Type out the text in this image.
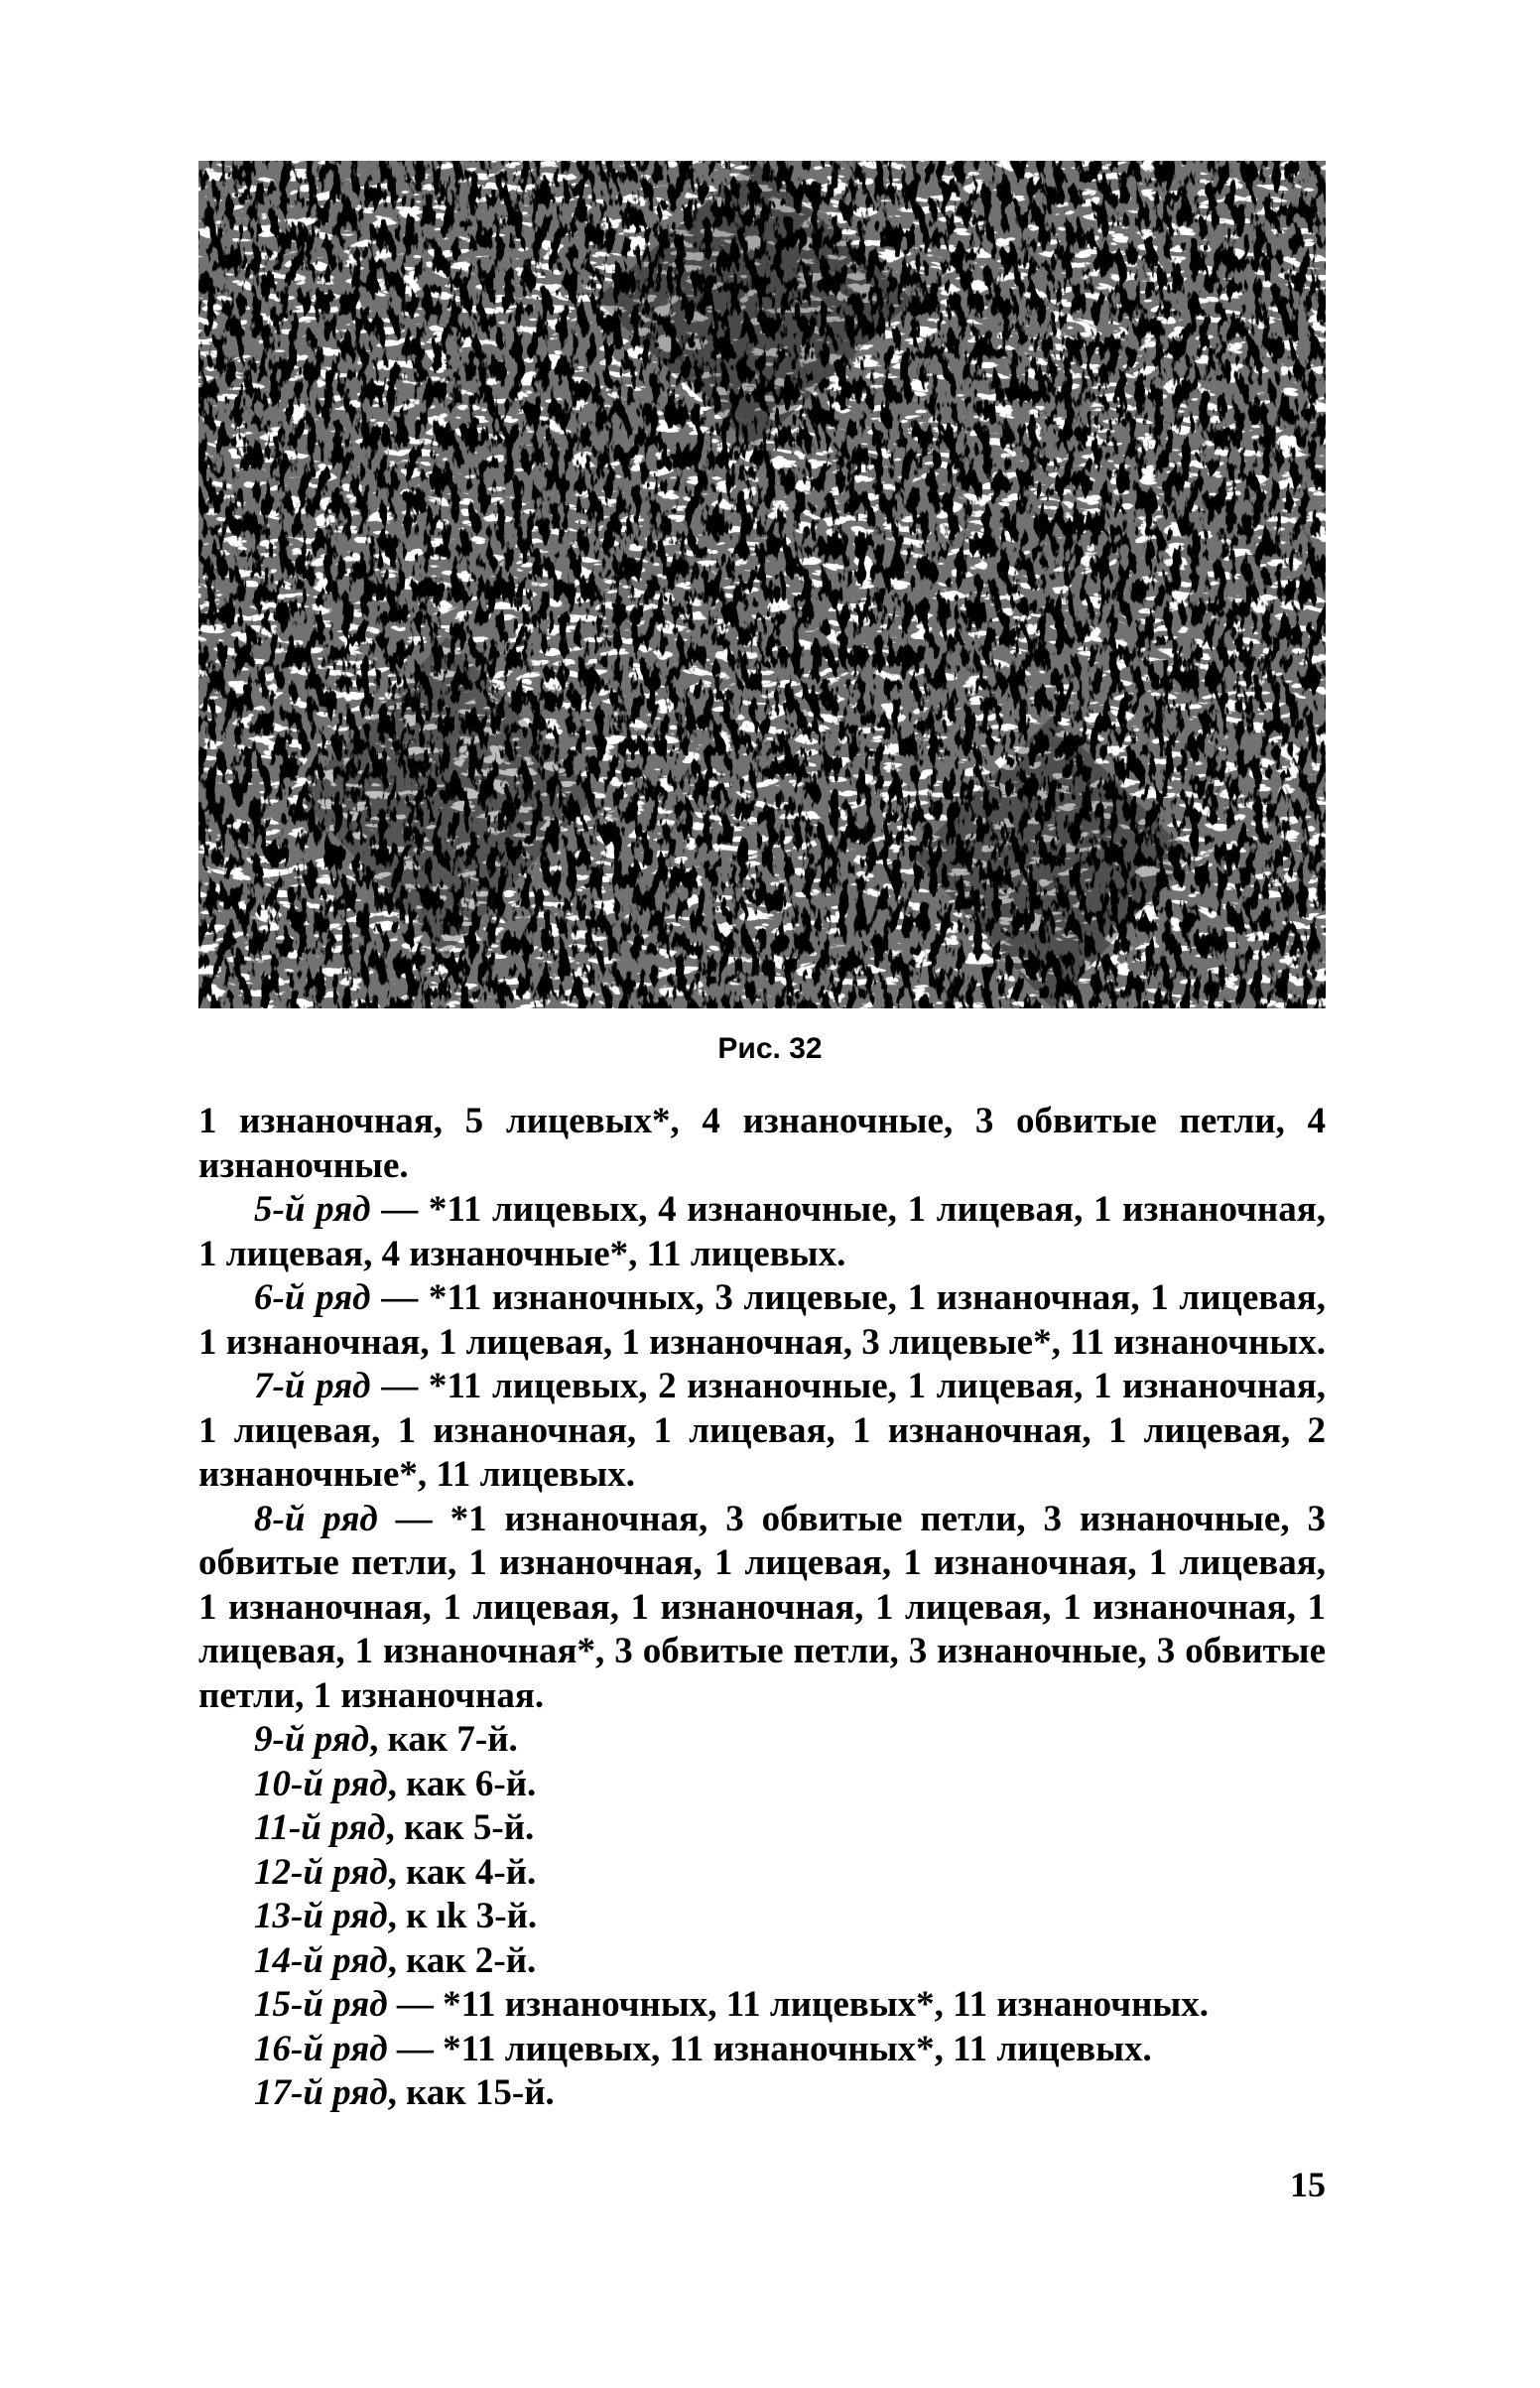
Рис. 32

1 изнаночная, 5 лицевых*, 4 изнаночные, 3 обвитые петли, 4 изнаночные.

5-й ряд — *11 лицевых, 4 изнаночные, 1 лицевая, 1 изнаночная, 1 лицевая, 4 изнаночные*, 11 лицевых.

6-й ряд — *11 изнаночных, 3 лицевые, 1 изнаночная, 1 лицевая, 1 изнаночная, 1 лицевая, 1 изнаночная, 3 лицевые*, 11 изнаночных.

7-й ряд — *11 лицевых, 2 изнаночные, 1 лицевая, 1 изнаночная, 1 лицевая, 1 изнаночная, 1 лицевая, 1 изнаночная, 1 лицевая, 2 изнаночные*, 11 лицевых.

8-й ряд — *1 изнаночная, 3 обвитые петли, 3 изнаночные, 3 обвитые петли, 1 изнаночная, 1 лицевая, 1 изнаночная, 1 лицевая, 1 изнаночная, 1 лицевая, 1 изнаночная, 1 лицевая, 1 изнаночная, 1 лицевая, 1 изнаночная*, 3 обвитые петли, 3 изнаночные, 3 обвитые петли, 1 изнаночная.

9-й ряд, как 7-й.

10-й ряд, как 6-й.

11-й ряд, как 5-й.

12-й ряд, как 4-й.

13-й ряд, к ık 3-й.

14-й ряд, как 2-й.

15-й ряд — *11 изнаночных, 11 лицевых*, 11 изнаночных.

16-й ряд — *11 лицевых, 11 изнаночных*, 11 лицевых.

17-й ряд, как 15-й.

15
